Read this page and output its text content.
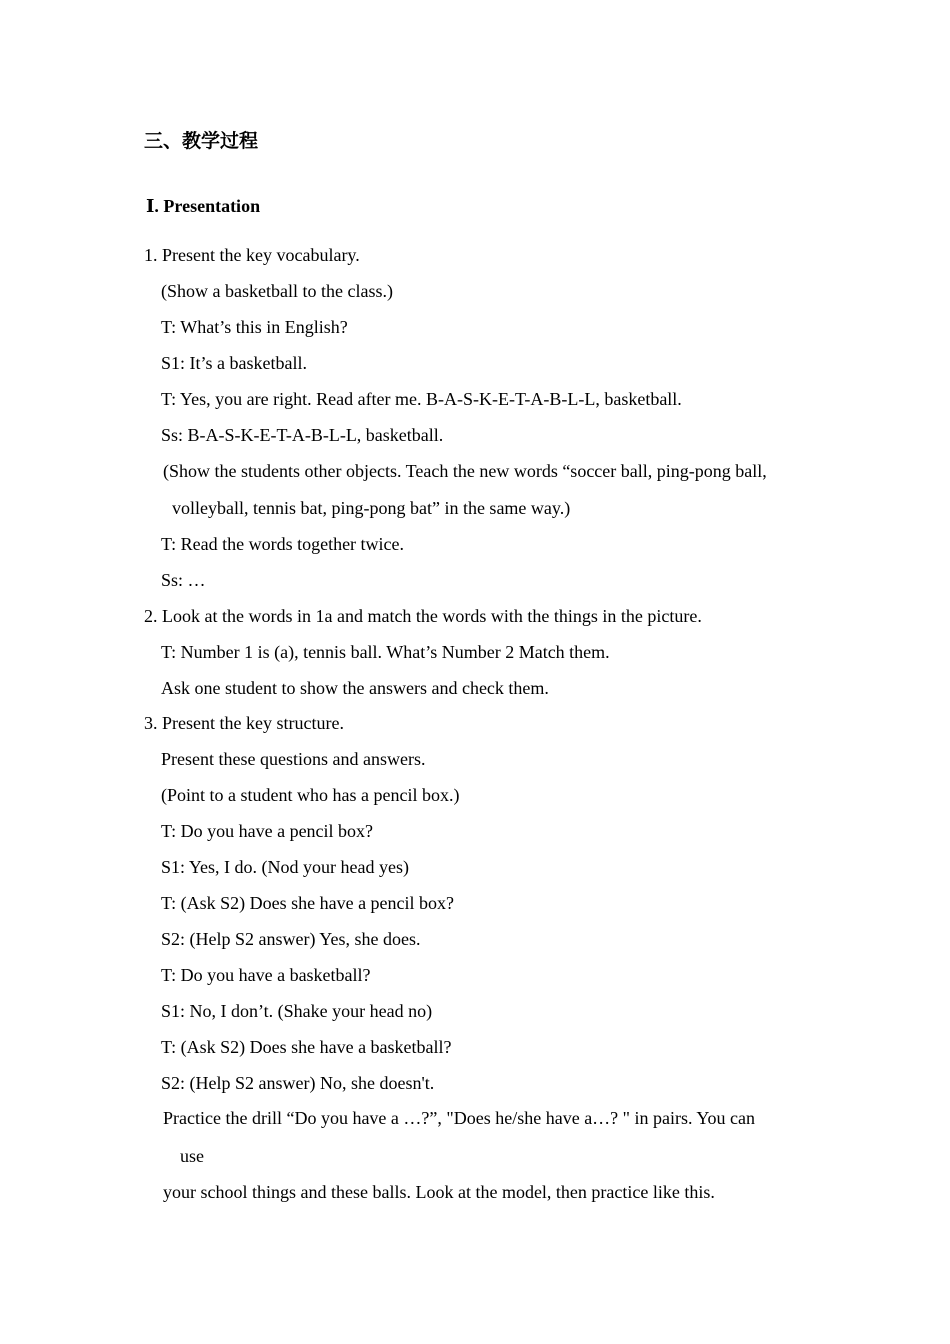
三、教学过程
Ⅰ. Presentation
1. Present the key vocabulary.
(Show a basketball to the class.)
T: What’s this in English?
S1: It’s a basketball.
T: Yes, you are right. Read after me. B-A-S-K-E-T-A-B-L-L, basketball.
Ss: B-A-S-K-E-T-A-B-L-L, basketball.
(Show the students other objects. Teach the new words “soccer ball, ping-pong ball,
volleyball, tennis bat, ping-pong bat” in the same way.)
T: Read the words together twice.
Ss: …
2. Look at the words in 1a and match the words with the things in the picture.
T: Number 1 is (a), tennis ball. What’s Number 2 Match them.
Ask one student to show the answers and check them.
3. Present the key structure.
Present these questions and answers.
(Point to a student who has a pencil box.)
T: Do you have a pencil box?
S1: Yes, I do. (Nod your head yes)
T: (Ask S2) Does she have a pencil box?
S2: (Help S2 answer) Yes, she does.
T: Do you have a basketball?
S1: No, I don’t. (Shake your head no)
T: (Ask S2) Does she have a basketball?
S2: (Help S2 answer) No, she doesn't.
Practice the drill “Do you have a …?”, "Does he/she have a…? " in pairs. You can
use
your school things and these balls. Look at the model, then practice like this.
